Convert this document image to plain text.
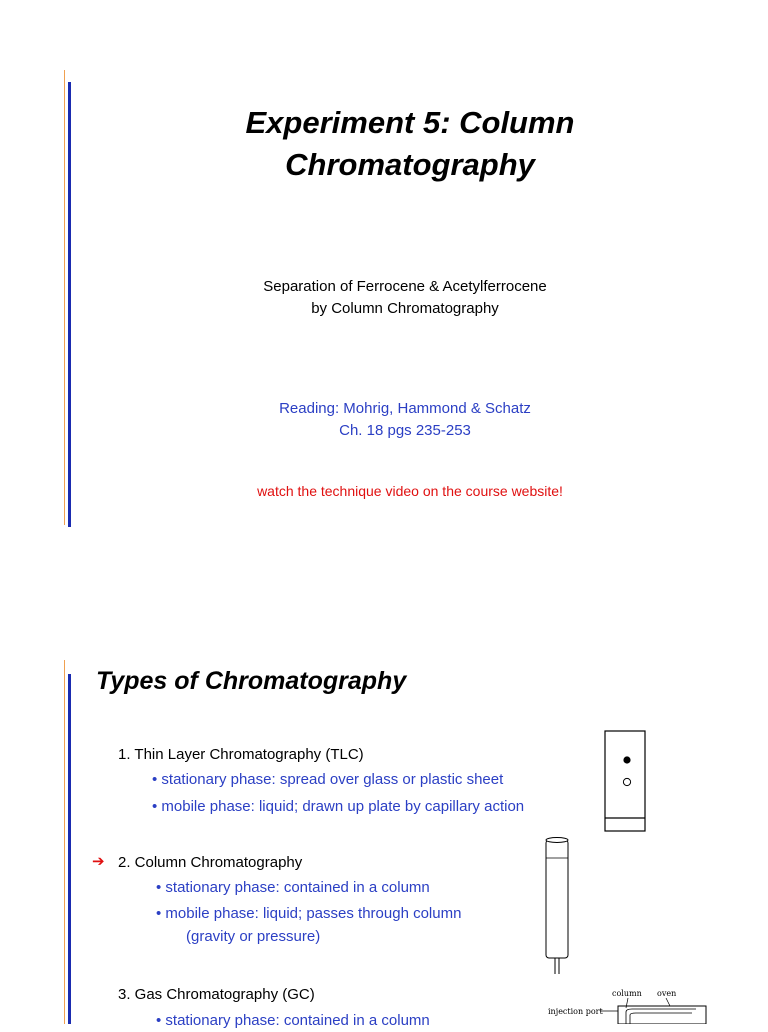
Experiment 5: Column Chromatography
Separation of Ferrocene & Acetylferrocene
by Column Chromatography
Reading: Mohrig, Hammond & Schatz
Ch. 18 pgs 235-253
watch the technique video on the course website!
Types of Chromatography
1. Thin Layer Chromatography (TLC)
• stationary phase: spread over glass or plastic sheet
• mobile phase: liquid; drawn up plate by capillary action
➔ 2. Column Chromatography
• stationary phase: contained in a column
• mobile phase: liquid; passes through column
(gravity or pressure)
3. Gas Chromatography (GC)
• stationary phase: contained in a column
column oven
injection port
